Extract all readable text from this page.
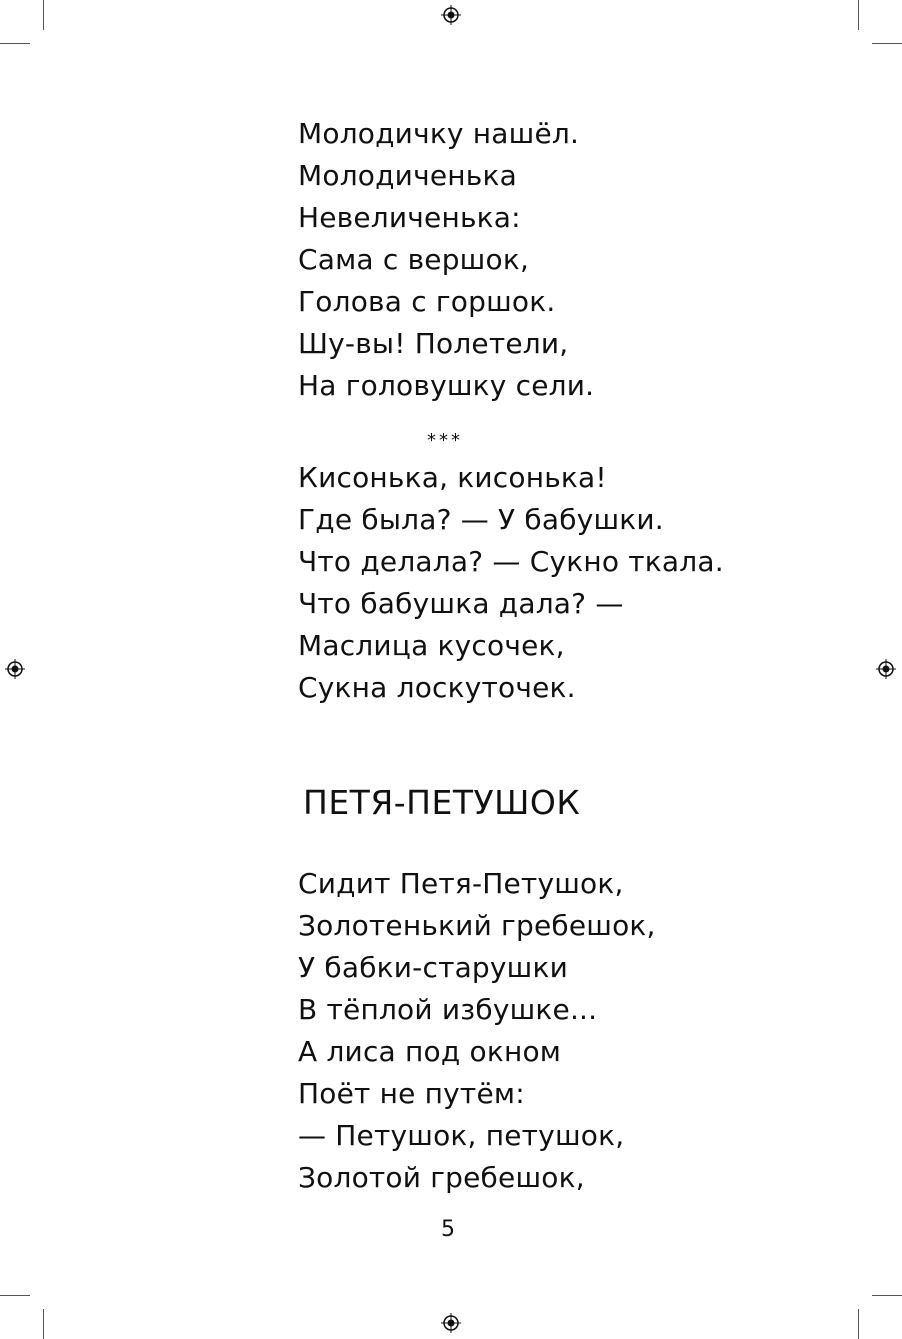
Молодичку нашёл.
Молодиченька
Невеличенька:
Сама с вершок,
Голова с горшок.
Шу-вы! Полетели,
На головушку сели.
***
Кисонька, кисонька!
Где была? — У бабушки.
Что делала? — Сукно ткала.
Что бабушка дала? —
Маслица кусочек,
Сукна лоскуточек.
ПЕТЯ-ПЕТУШОК
Сидит Петя-Петушок,
Золотенький гребешок,
У бабки-старушки
В тёплой избушке...
А лиса под окном
Поёт не путём:
— Петушок, петушок,
Золотой гребешок,
5
